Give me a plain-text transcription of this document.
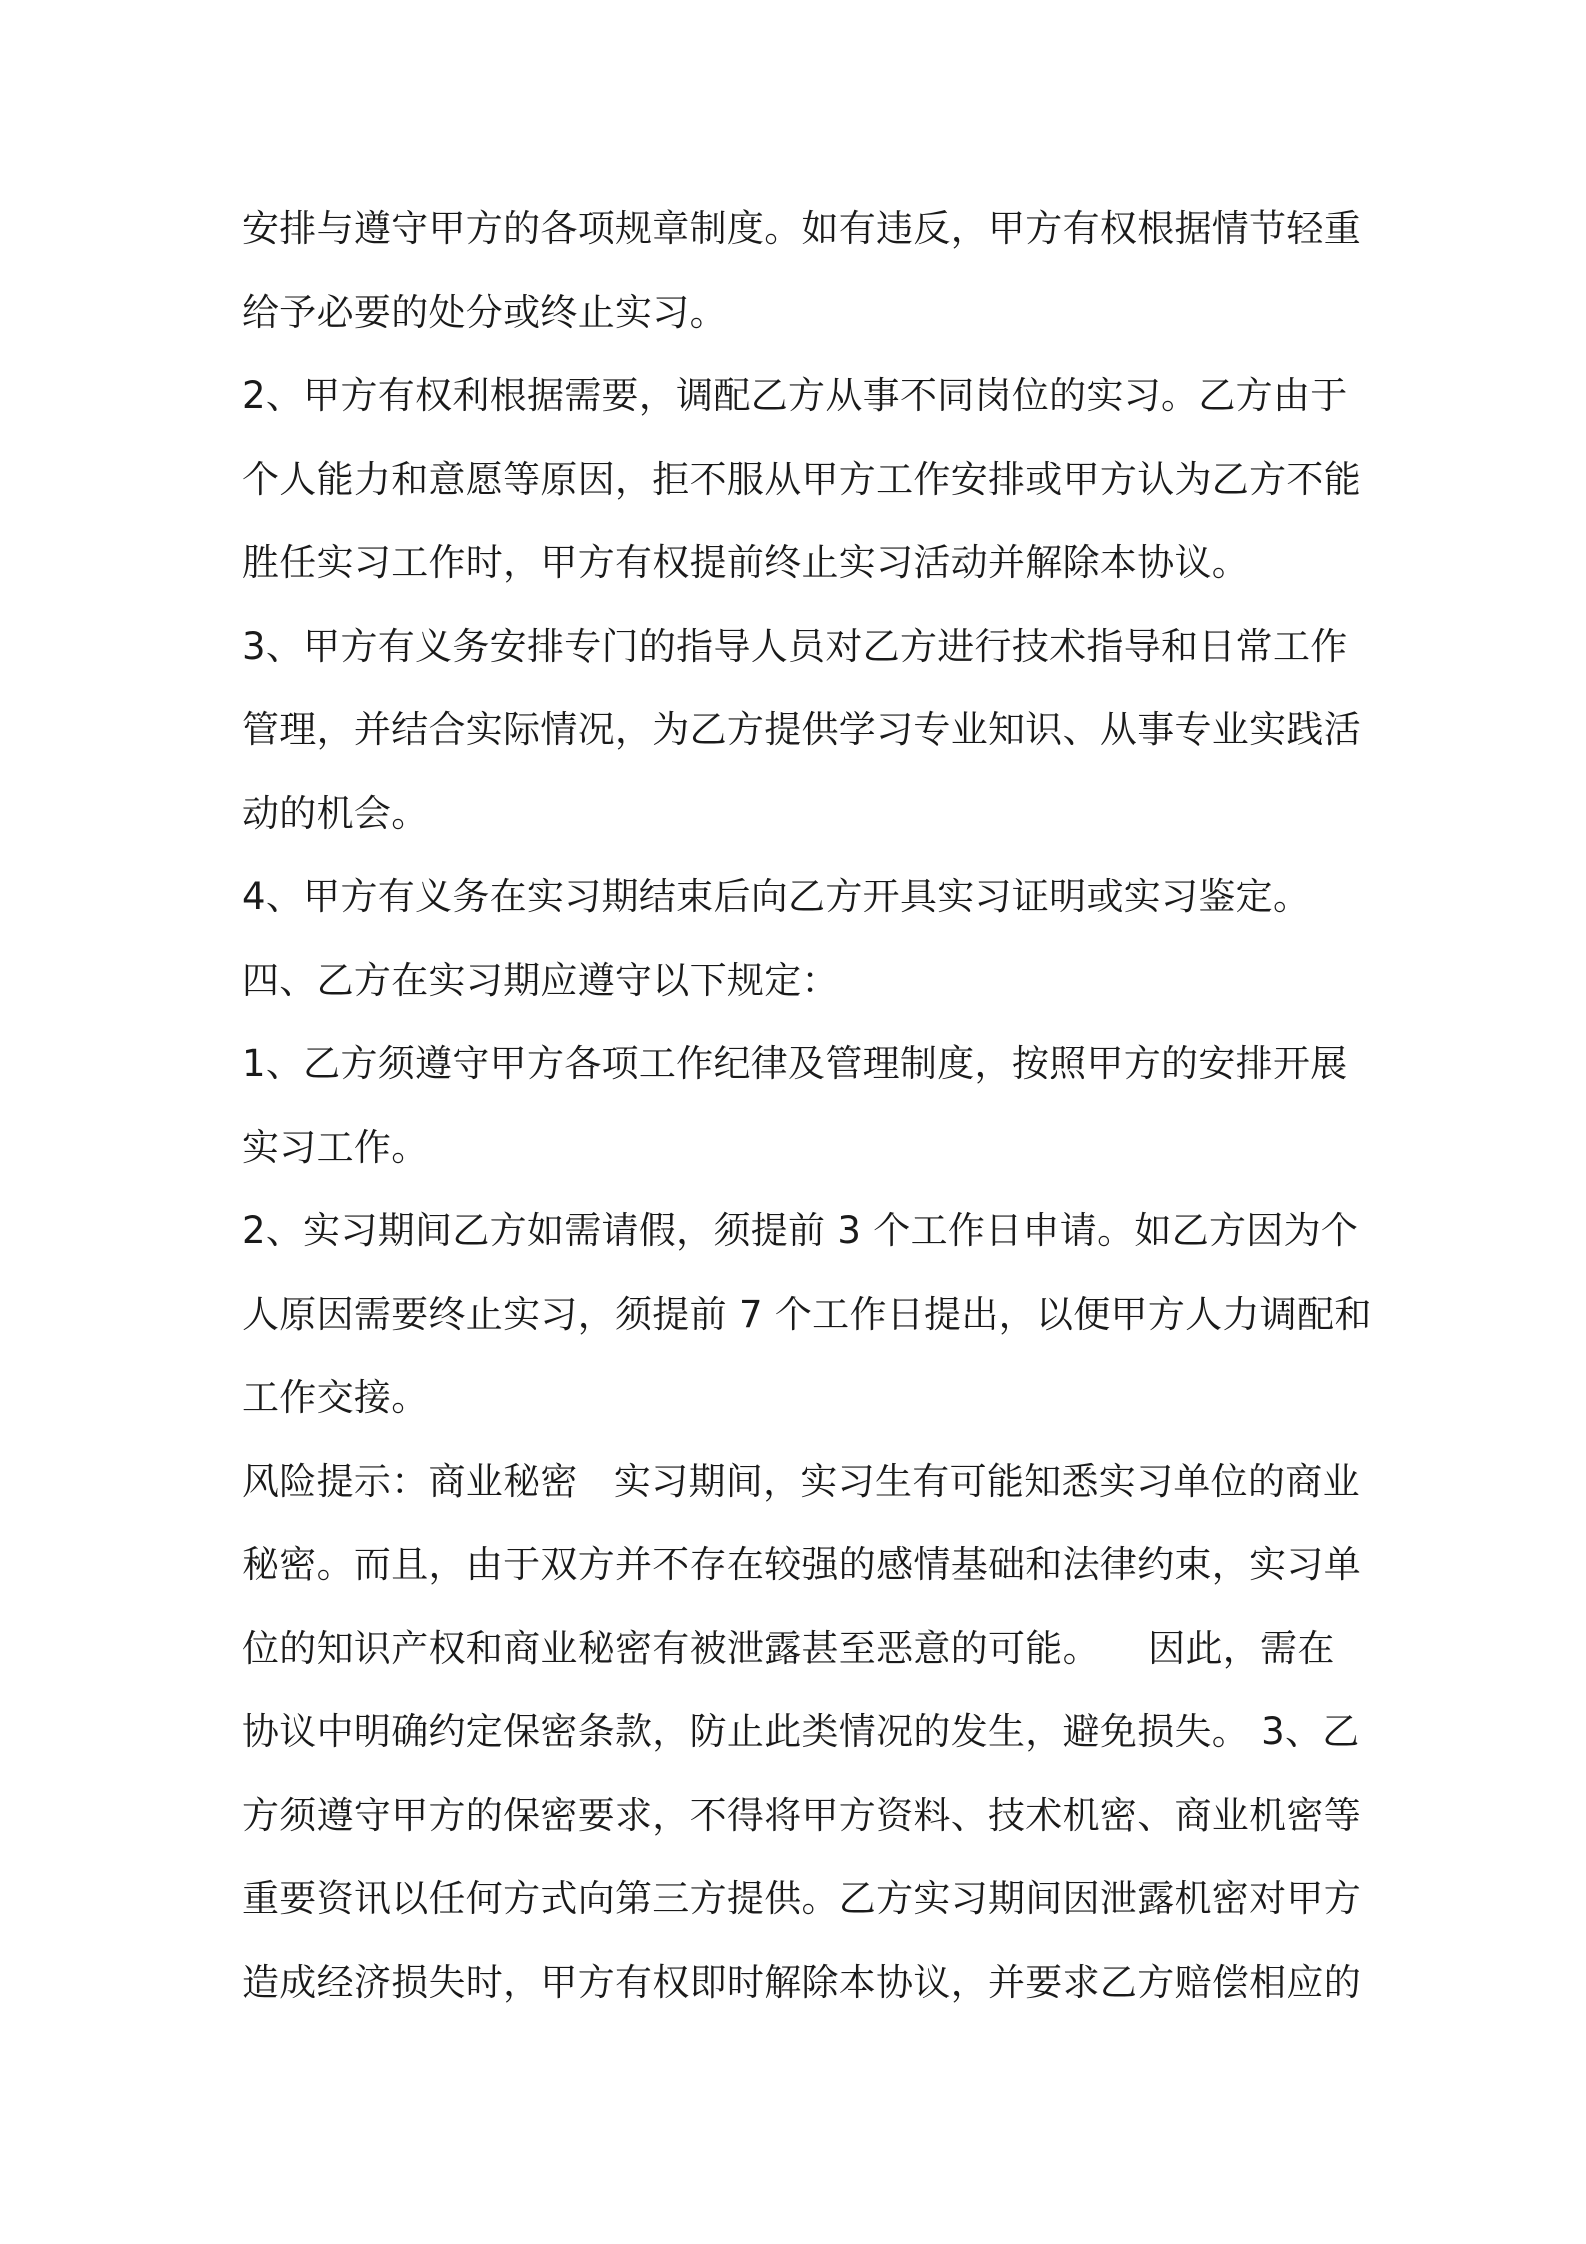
安排与遵守甲方的各项规章制度。如有违反，甲方有权根据情节轻重
给予必要的处分或终止实习。
2、甲方有权利根据需要，调配乙方从事不同岗位的实习。乙方由于
个人能力和意愿等原因，拒不服从甲方工作安排或甲方认为乙方不能
胜任实习工作时，甲方有权提前终止实习活动并解除本协议。
3、甲方有义务安排专门的指导人员对乙方进行技术指导和日常工作
管理，并结合实际情况，为乙方提供学习专业知识、从事专业实践活
动的机会。
4、甲方有义务在实习期结束后向乙方开具实习证明或实习鉴定。
四、乙方在实习期应遵守以下规定：
1、乙方须遵守甲方各项工作纪律及管理制度，按照甲方的安排开展
实习工作。
2、实习期间乙方如需请假，须提前 3 个工作日申请。如乙方因为个
人原因需要终止实习，须提前 7 个工作日提出，以便甲方人力调配和
工作交接。
风险提示：商业秘密   实习期间，实习生有可能知悉实习单位的商业
秘密。而且，由于双方并不存在较强的感情基础和法律约束，实习单
位的知识产权和商业秘密有被泄露甚至恶意的可能。    因此，需在
协议中明确约定保密条款，防止此类情况的发生，避免损失。 3、乙
方须遵守甲方的保密要求，不得将甲方资料、技术机密、商业机密等
重要资讯以任何方式向第三方提供。乙方实习期间因泄露机密对甲方
造成经济损失时，甲方有权即时解除本协议，并要求乙方赔偿相应的
